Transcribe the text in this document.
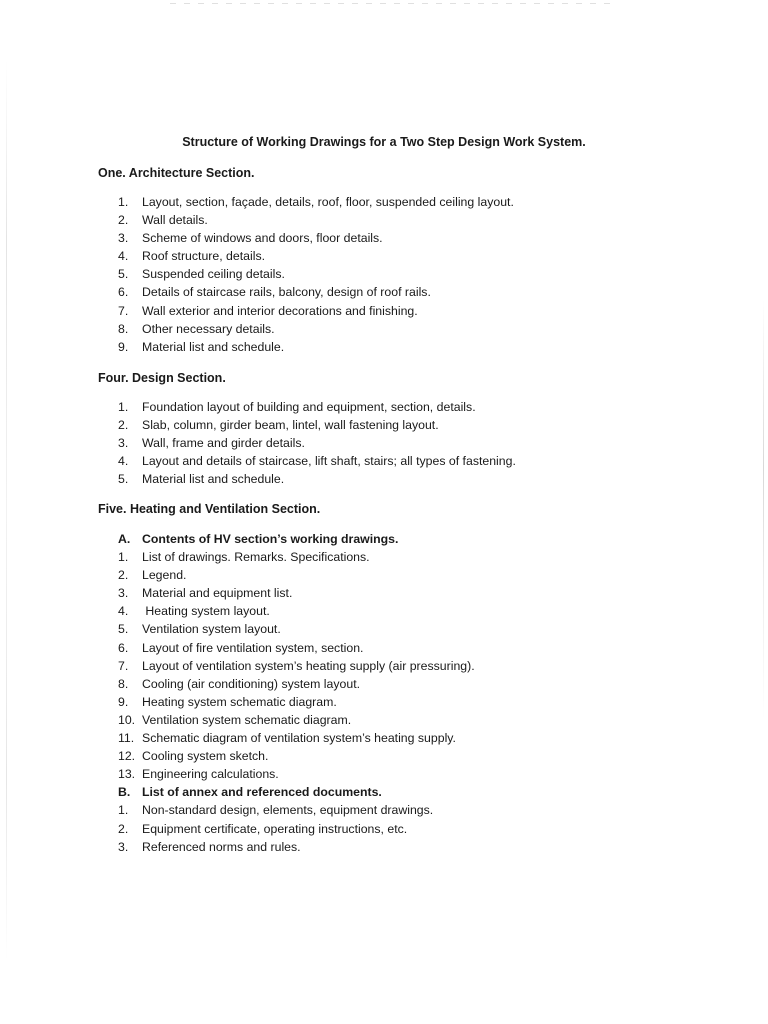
Structure of Working Drawings for a Two Step Design Work System.
One. Architecture Section.
1. Layout, section, façade, details, roof, floor, suspended ceiling layout.
2. Wall details.
3. Scheme of windows and doors, floor details.
4. Roof structure, details.
5. Suspended ceiling details.
6. Details of staircase rails, balcony, design of roof rails.
7. Wall exterior and interior decorations and finishing.
8. Other necessary details.
9. Material list and schedule.
Four. Design Section.
1. Foundation layout of building and equipment, section, details.
2. Slab, column, girder beam, lintel, wall fastening layout.
3. Wall, frame and girder details.
4. Layout and details of staircase, lift shaft, stairs; all types of fastening.
5. Material list and schedule.
Five. Heating and Ventilation Section.
A. Contents of HV section’s working drawings.
1. List of drawings. Remarks. Specifications.
2. Legend.
3. Material and equipment list.
4. Heating system layout.
5. Ventilation system layout.
6. Layout of fire ventilation system, section.
7. Layout of ventilation system’s heating supply (air pressuring).
8. Cooling (air conditioning) system layout.
9. Heating system schematic diagram.
10. Ventilation system schematic diagram.
11. Schematic diagram of ventilation system’s heating supply.
12. Cooling system sketch.
13. Engineering calculations.
B. List of annex and referenced documents.
1. Non-standard design, elements, equipment drawings.
2. Equipment certificate, operating instructions, etc.
3. Referenced norms and rules.
